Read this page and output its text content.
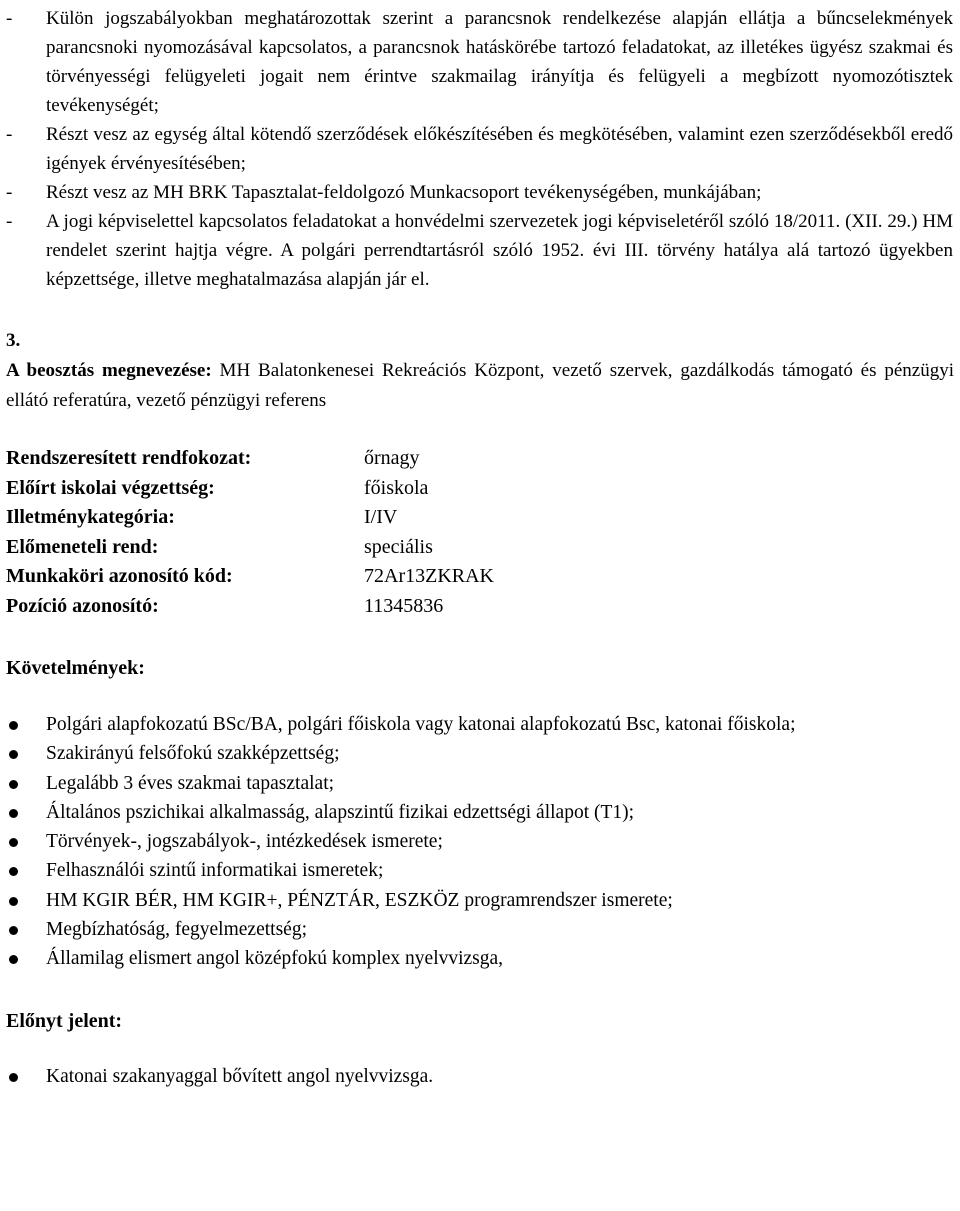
- Külön jogszabályokban meghatározottak szerint a parancsnok rendelkezése alapján ellátja a bűncselekmények parancsnoki nyomozásával kapcsolatos, a parancsnok hatáskörébe tartozó feladatokat, az illetékes ügyész szakmai és törvényességi felügyeleti jogait nem érintve szakmailag irányítja és felügyeli a megbízott nyomozótisztek tevékenységét;
- Részt vesz az egység által kötendő szerződések előkészítésében és megkötésében, valamint ezen szerződésekből eredő igények érvényesítésében;
- Részt vesz az MH BRK Tapasztalat-feldolgozó Munkacsoport tevékenységében, munkájában;
- A jogi képviselettel kapcsolatos feladatokat a honvédelmi szervezetek jogi képviseletéről szóló 18/2011. (XII. 29.) HM rendelet szerint hajtja végre. A polgári perrendtartásról szóló 1952. évi III. törvény hatálya alá tartozó ügyekben képzettsége, illetve meghatalmazása alapján jár el.
3.
A beosztás megnevezése: MH Balatonkenesei Rekreációs Központ, vezető szervek, gazdálkodás támogató és pénzügyi ellátó referatúra, vezető pénzügyi referens
Rendszeresített rendfokozat:	őrnagy
Előírt iskolai végzettség:	főiskola
Illetménykategória:	I/IV
Előmeneteli rend:	speciális
Munkaköri azonosító kód:	72Ar13ZKRAK
Pozíció azonosító:	11345836
Követelmények:
Polgári alapfokozatú BSc/BA, polgári főiskola vagy katonai alapfokozatú Bsc, katonai főiskola;
Szakirányú felsőfokú szakképzettség;
Legalább 3 éves szakmai tapasztalat;
Általános pszichikai alkalmasság, alapszintű fizikai edzettségi állapot (T1);
Törvények-, jogszabályok-, intézkedések ismerete;
Felhasználói szintű informatikai ismeretek;
HM KGIR BÉR, HM KGIR+, PÉNZTÁR, ESZKÖZ programrendszer ismerete;
Megbízhatóság, fegyelmezettség;
Államilag elismert angol középfokú komplex nyelvvizsga,
Előnyt jelent:
Katonai szakanyaggal bővített angol nyelvvizsga.
